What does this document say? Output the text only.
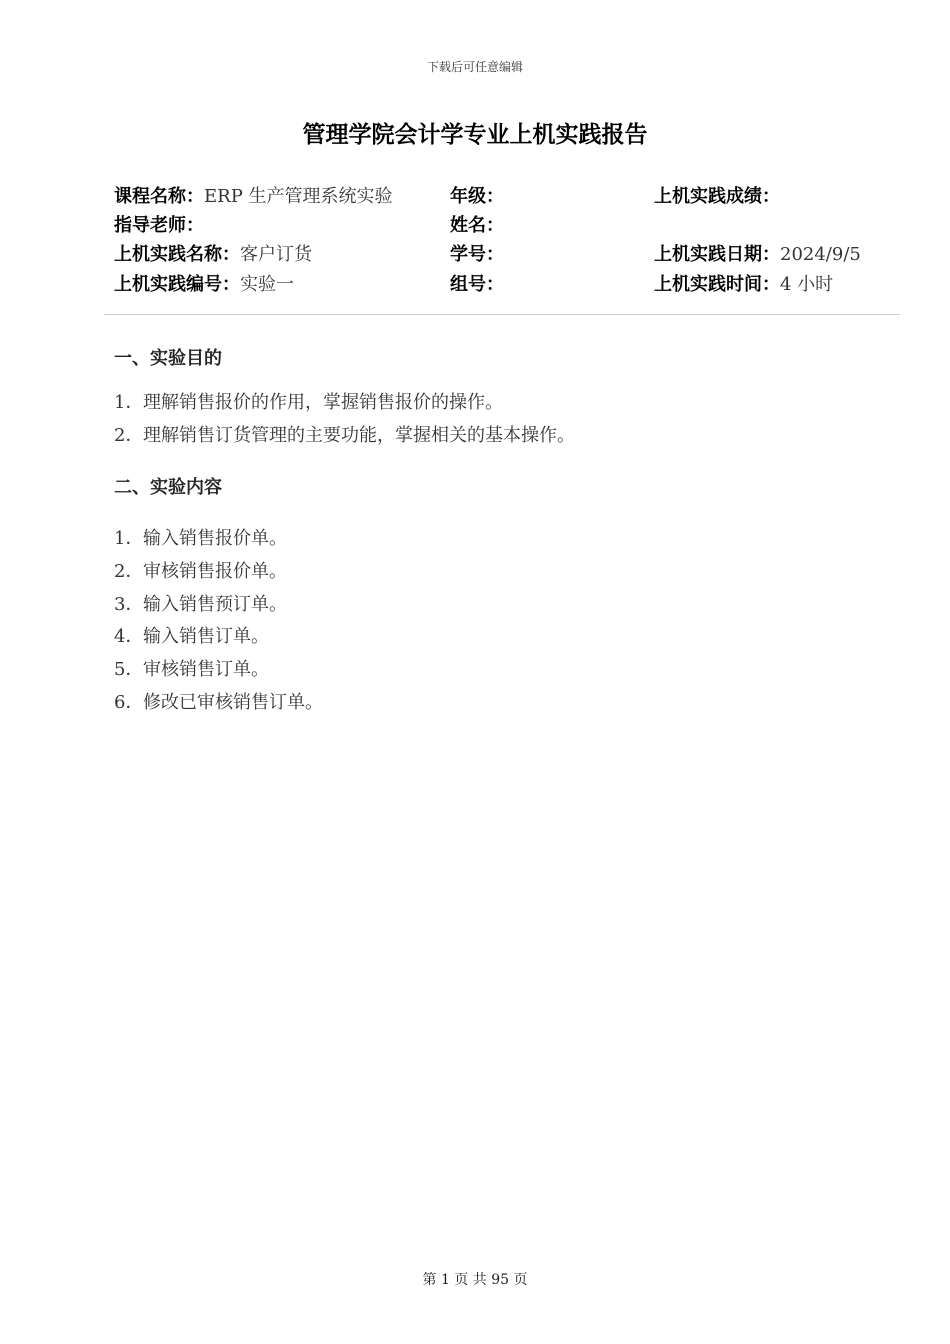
下载后可任意编辑
管理学院会计学专业上机实践报告
课程名称：ERP 生产管理系统实验	年级：	上机实践成绩：
指导老师：	姓名：
上机实践名称：客户订货	学号：	上机实践日期：2024/9/5
上机实践编号：实验一	组号：	上机实践时间：4 小时
一、实验目的
1．理解销售报价的作用，掌握销售报价的操作。
2．理解销售订货管理的主要功能，掌握相关的基本操作。
二、实验内容
1．输入销售报价单。
2．审核销售报价单。
3．输入销售预订单。
4．输入销售订单。
5．审核销售订单。
6．修改已审核销售订单。
第 1 页 共 95 页
